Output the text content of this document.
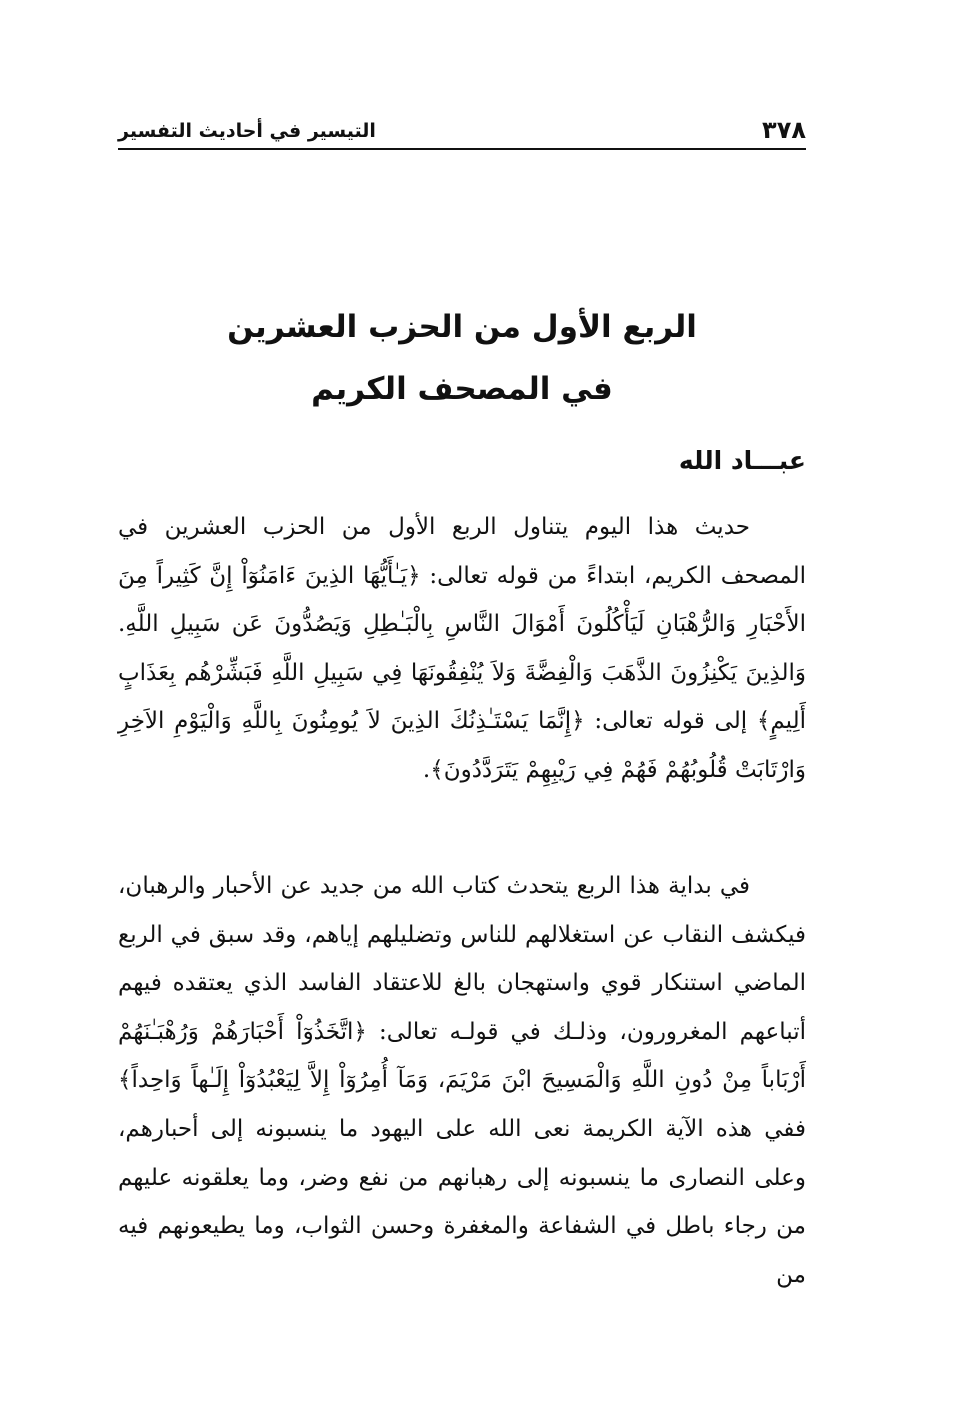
٣٧٨
التيسير في أحاديث التفسير
الربع الأول من الحزب العشرين
في المصحف الكريم
عبـــاد الله

حديث هذا اليوم يتناول الربع الأول من الحزب العشرين في المصحف الكريم، ابتداءً من قوله تعالى: ﴿يَـٰأَيُّهَا الذِينَ ءَامَنُوٓاْ إِنَّ كَثِيراً مِنَ الأَحْبَارِ وَالرُّهْبَانِ لَيَأْكُلُونَ أَمْوَالَ النَّاسِ بِالْبَـٰطِلِ وَيَصُدُّونَ عَن سَبِيلِ اللَّهِ. وَالذِينَ يَكْنِزُونَ الذَّهَبَ وَالْفِضَّةَ وَلاَ يُنْفِقُونَهَا فِي سَبِيلِ اللَّهِ فَبَشِّرْهُم بِعَذَابٍ أَلِيمٍ﴾ إلى قوله تعالى: ﴿إِنَّمَا يَسْتَـٰذِنُكَ الذِينَ لاَ يُومِنُونَ بِاللَّهِ وَالْيَوْمِ الاَخِرِ وَارْتَابَتْ قُلُوبُهُمْ فَهُمْ فِي رَيْبِهِمْ يَتَرَدَّدُونَ﴾.

في بداية هذا الربع يتحدث كتاب الله من جديد عن الأحبار والرهبان، فيكشف النقاب عن استغلالهم للناس وتضليلهم إياهم، وقد سبق في الربع الماضي استنكار قوي واستهجان بالغ للاعتقاد الفاسد الذي يعتقده فيهم أتباعهم المغرورون، وذلـك في قولـه تعالى: ﴿اتَّخَذُوٓاْ أَحْبَارَهُمْ وَرُهْبَـٰنَهُمْ أَرْبَاباً مِنْ دُونِ اللَّهِ وَالْمَسِيحَ ابْنَ مَرْيَمَ، وَمَآ أُمِرُوٓاْ إِلاَّ لِيَعْبُدُوٓاْ إِلَـٰهاً وَاحِداً﴾ ففي هذه الآية الكريمة نعى الله على اليهود ما ينسبونه إلى أحبارهم، وعلى النصارى ما ينسبونه إلى رهبانهم من نفع وضر، وما يعلقونه عليهم من رجاء باطل في الشفاعة والمغفرة وحسن الثواب، وما يطيعونهم فيه من
